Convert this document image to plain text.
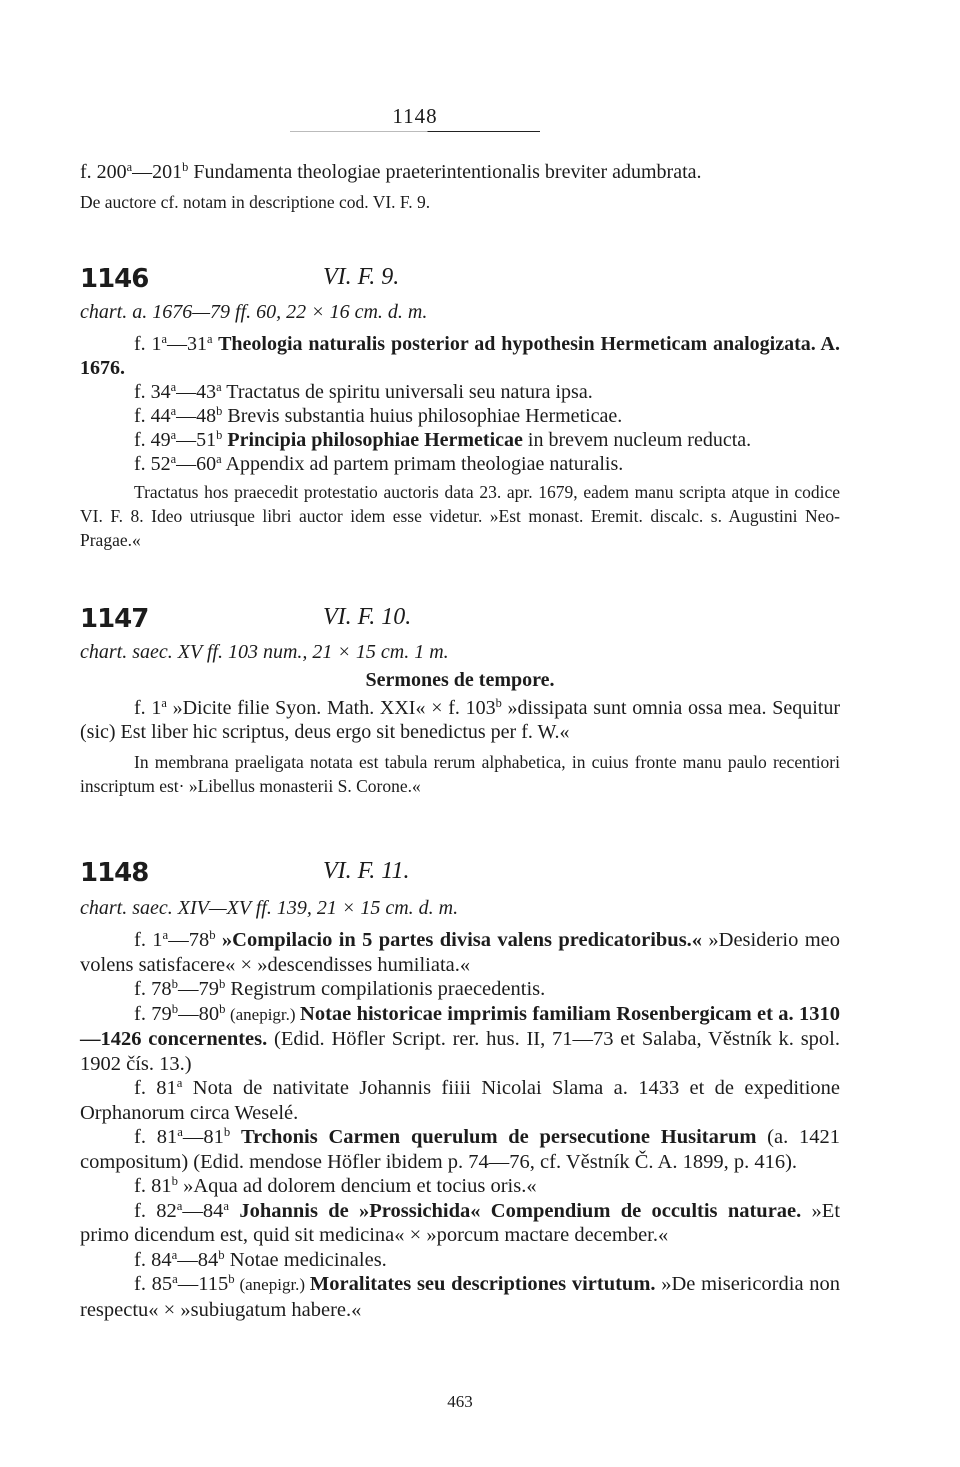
1148

f. 200$^a$—201$^b$ Fundamenta theologiae praeterintentionalis breviter adumbrata.

De auctore cf. notam in descriptione cod. VI. F. 9.

1146	VI. F. 9.

chart. a. 1676—79 ff. 60, 22 × 16 cm. d. m.

f. 1$^a$—31$^a$ Theologia naturalis posterior ad hypothesin Hermeticam analogizata. A. 1676.

f. 34$^a$—43$^a$ Tractatus de spiritu universali seu natura ipsa.

f. 44$^a$—48$^b$ Brevis substantia huius philosophiae Hermeticae.

f. 49$^a$—51$^b$ Principia philosophiae Hermeticae in brevem nucleum reducta.

f. 52$^a$—60$^a$ Appendix ad partem primam theologiae naturalis.

Tractatus hos praecedit protestatio auctoris data 23. apr. 1679, eadem manu scripta atque in codice VI. F. 8. Ideo utriusque libri auctor idem esse videtur. »Est monast. Eremit. discalc. s. Augustini Neo-Pragae.«

1147	VI. F. 10.

chart. saec. XV ff. 103 num., 21 × 15 cm. 1 m.

Sermones de tempore.

f. 1$^a$ »Dicite filie Syon. Math. XXI« × f. 103$^b$ »dissipata sunt omnia ossa mea. Sequitur (sic) Est liber hic scriptus, deus ergo sit benedictus per f. W.«

In membrana praeligata notata est tabula rerum alphabetica, in cuius fronte manu paulo recentiori inscriptum est· »Libellus monasterii S. Corone.«

1148	VI. F. 11.

chart. saec. XIV—XV ff. 139, 21 × 15 cm. d. m.

f. 1$^a$—78$^b$ »Compilacio in 5 partes divisa valens predicatoribus.« »Desiderio meo volens satisfacere« × »descendisses humiliata.«

f. 78$^b$—79$^b$ Registrum compilationis praecedentis.

f. 79$^b$—80$^b$ (anepigr.) Notae historicae imprimis familiam Rosenbergicam et a. 1310—1426 concernentes. (Edid. Höfler Script. rer. hus. II, 71—73 et Salaba, Věstník k. spol. 1902 čís. 13.)

f. 81$^a$ Nota de nativitate Johannis fiiii Nicolai Slama a. 1433 et de expeditione Orphanorum circa Weselé.

f. 81$^a$—81$^b$ Trchonis Carmen querulum de persecutione Husitarum (a. 1421 compositum) (Edid. mendose Höfler ibidem p. 74—76, cf. Věstník Č. A. 1899, p. 416).

f. 81$^b$ »Aqua ad dolorem dencium et tocius oris.«

f. 82$^a$—84$^a$ Johannis de »Prossichida« Compendium de occultis naturae. »Et primo dicendum est, quid sit medicina« × »porcum mactare december.«

f. 84$^a$—84$^b$ Notae medicinales.

f. 85$^a$—115$^b$ (anepigr.) Moralitates seu descriptiones virtutum. »De misericordia non respectu« × »subiugatum habere.«

463
